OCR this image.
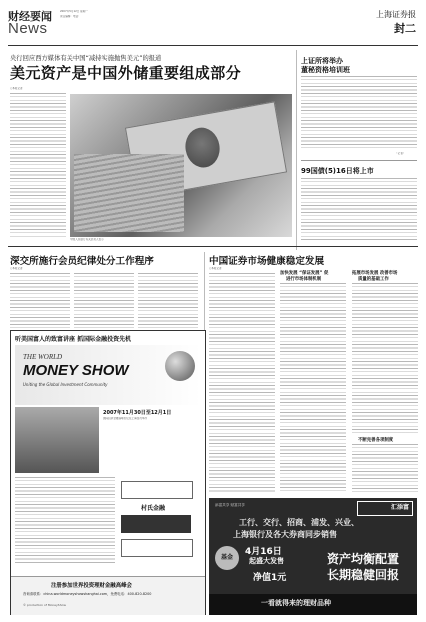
财经要闻
News
2007年5月12日 星期一
责任编辑：电话：	上海证券报
封二
央行回应西方媒体有关中国“减持实施抛售美元”的报道
美元资产是中国外储重要组成部分
○本报记者
中国人民银行有关负责人表示
上证所将举办
董秘资格培训班
（记者）
99国债(5)16日将上市
深交所施行会员纪律处分工作程序
○本报记者
中国证券市场健康稳定发展
○本报记者
加快发展 “保证发展” 促
进行市场体制机制
拓展市场发展 改善市场
质量的基础工作
不断完善各项制度
听美国富人的致富讲座 抓国际金融投资先机
THE WORLD
MONEY SHOW
Uniting the Global Investment Community
2007年11月30日至12月1日
国际投资金融高峰论坛在上海金茂举办
村氏金融
注册参加世界投资理财金融高峰会
咨询请联系：china.worldmoneyshowshanghai.com，免费电话：400-820-8200
© production of MoneyShow
汇添富
添富共享 财富共享
工行、交行、招商、浦发、兴业、
上海银行及各大券商同步销售
基金
4月16日
起盛大发售
净值1元
资产均衡配置
长期稳健回报
一看就得来的理财品种
